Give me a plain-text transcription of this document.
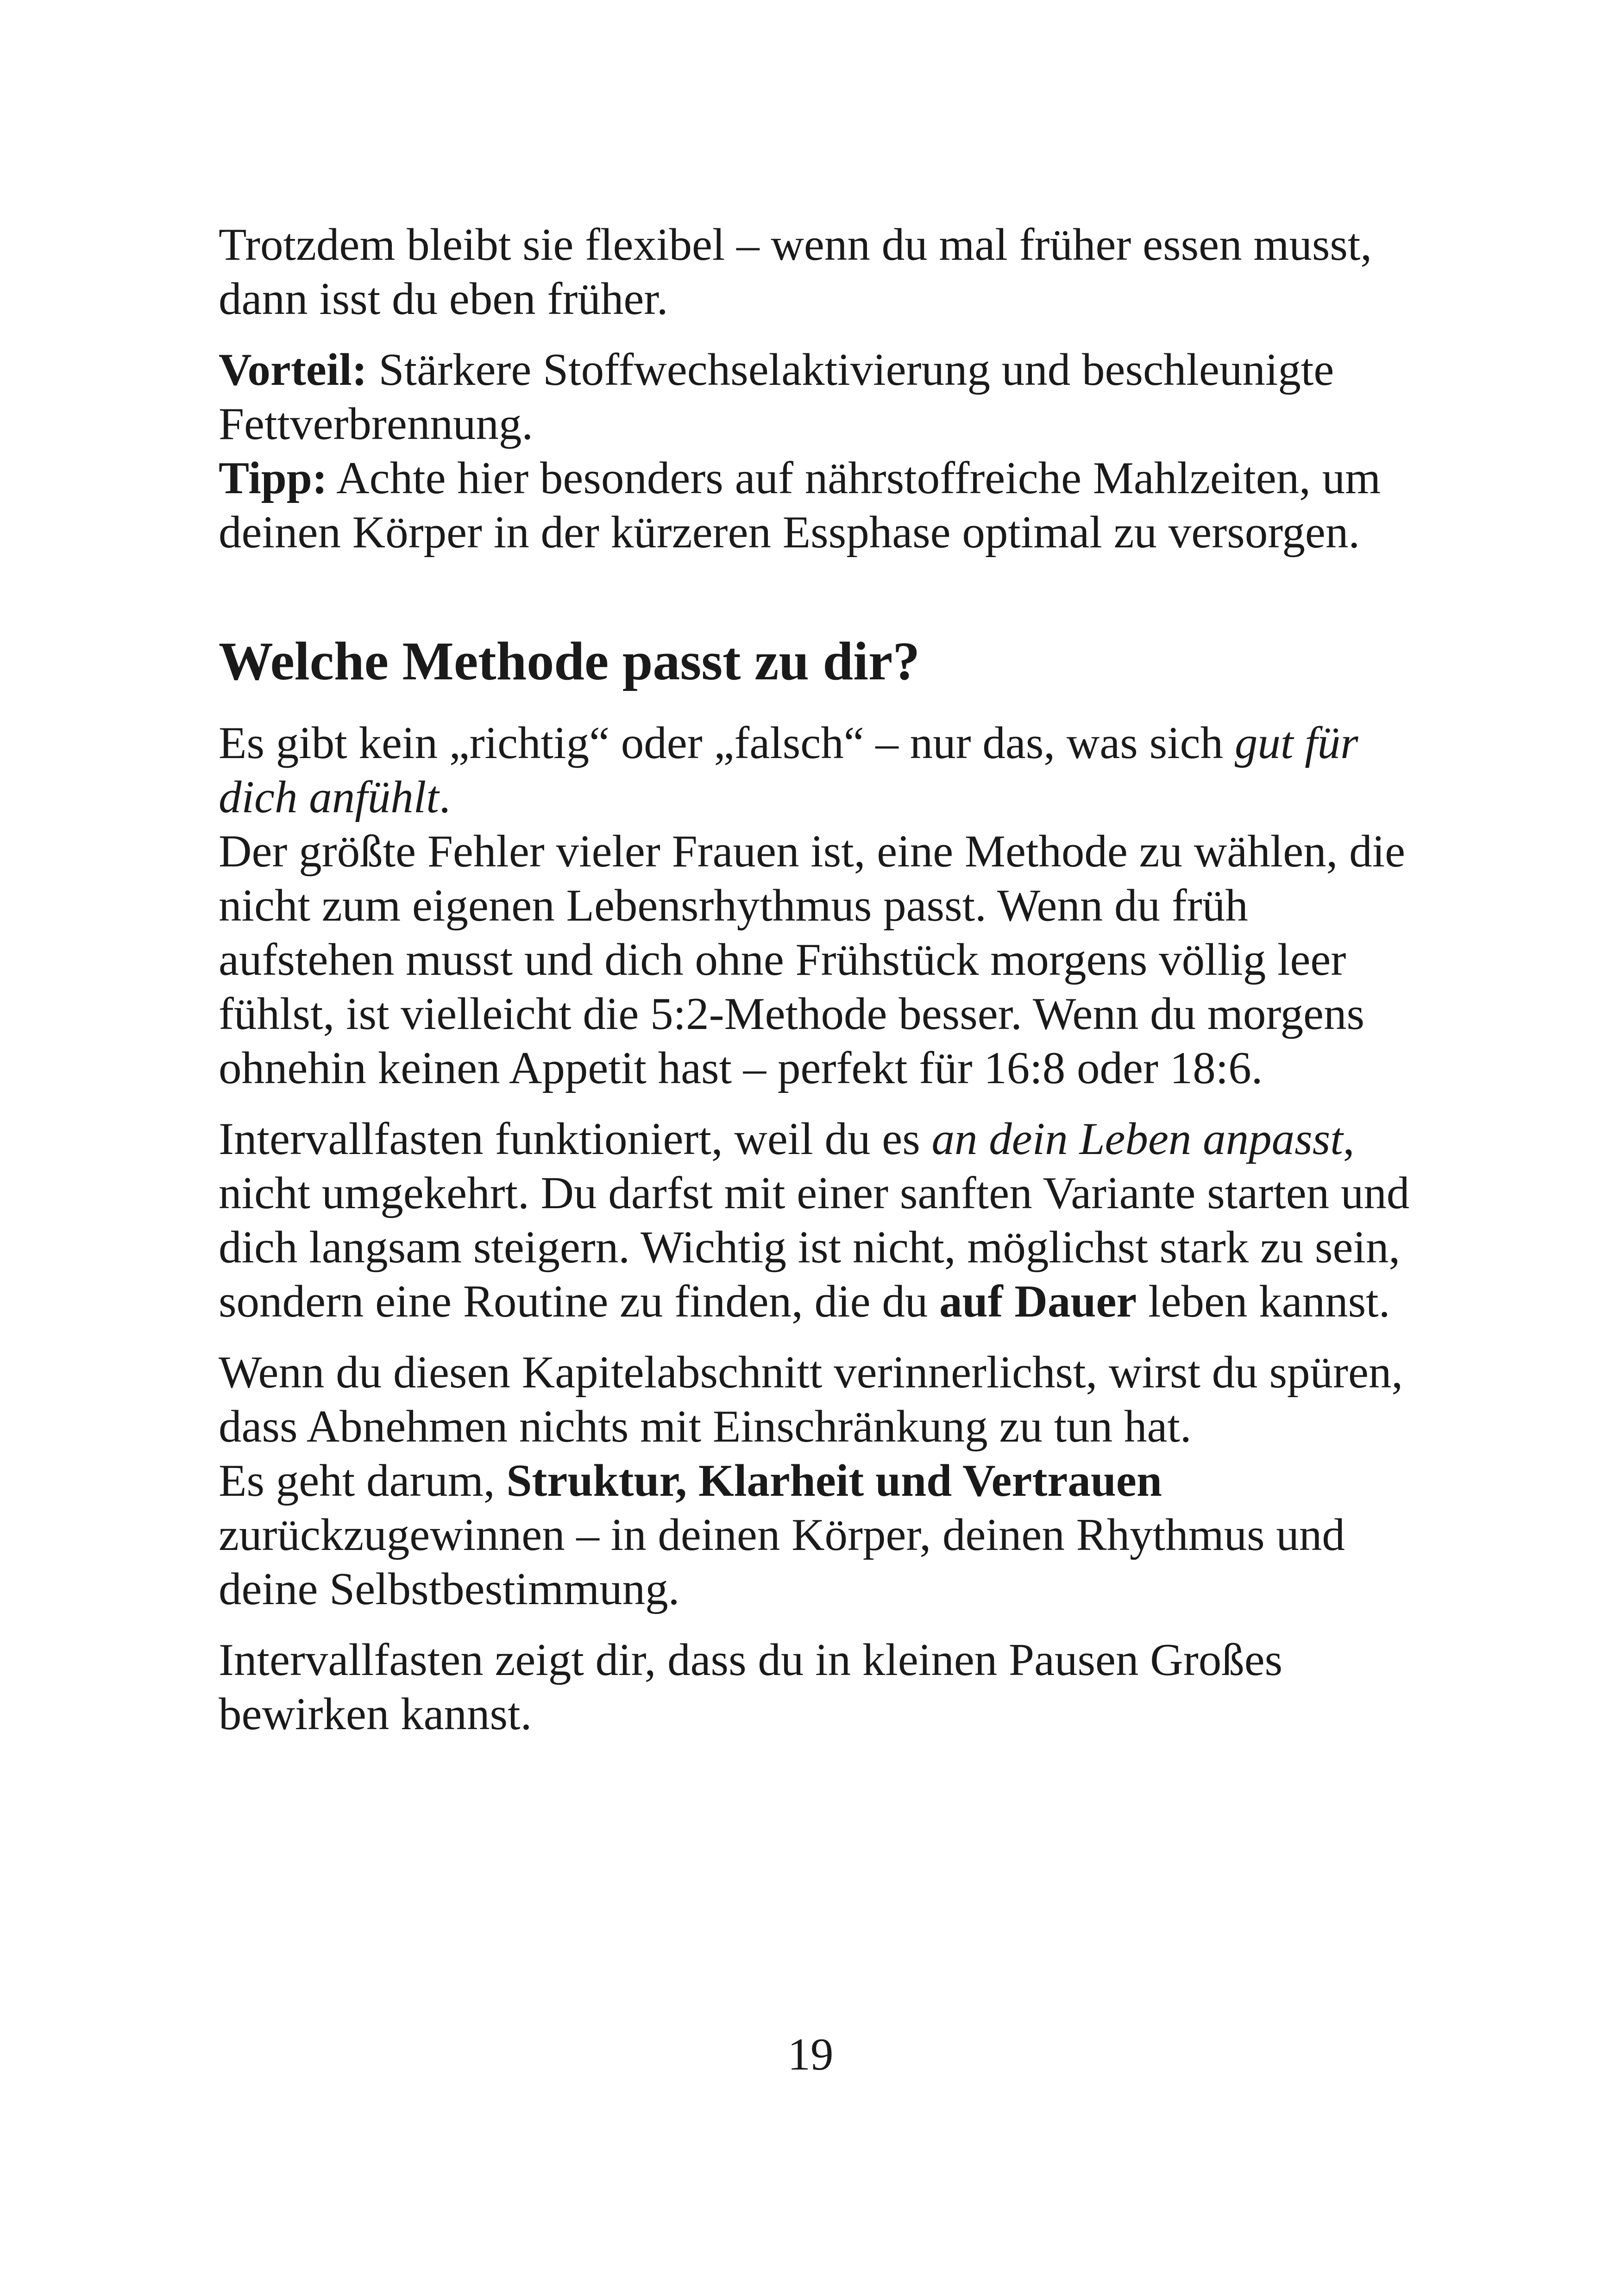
Trotzdem bleibt sie flexibel – wenn du mal früher essen musst, dann isst du eben früher.

Vorteil: Stärkere Stoffwechselaktivierung und beschleunigte Fettverbrennung.
Tipp: Achte hier besonders auf nährstoffreiche Mahlzeiten, um deinen Körper in der kürzeren Essphase optimal zu versorgen.

Welche Methode passt zu dir?

Es gibt kein „richtig“ oder „falsch“ – nur das, was sich gut für dich anfühlt.
Der größte Fehler vieler Frauen ist, eine Methode zu wählen, die nicht zum eigenen Lebensrhythmus passt. Wenn du früh aufstehen musst und dich ohne Frühstück morgens völlig leer fühlst, ist vielleicht die 5:2-Methode besser. Wenn du morgens ohnehin keinen Appetit hast – perfekt für 16:8 oder 18:6.

Intervallfasten funktioniert, weil du es an dein Leben anpasst, nicht umgekehrt. Du darfst mit einer sanften Variante starten und dich langsam steigern. Wichtig ist nicht, möglichst stark zu sein, sondern eine Routine zu finden, die du auf Dauer leben kannst.

Wenn du diesen Kapitelabschnitt verinnerlichst, wirst du spüren, dass Abnehmen nichts mit Einschränkung zu tun hat.
Es geht darum, Struktur, Klarheit und Vertrauen zurückzugewinnen – in deinen Körper, deinen Rhythmus und deine Selbstbestimmung.

Intervallfasten zeigt dir, dass du in kleinen Pausen Großes bewirken kannst.

19
